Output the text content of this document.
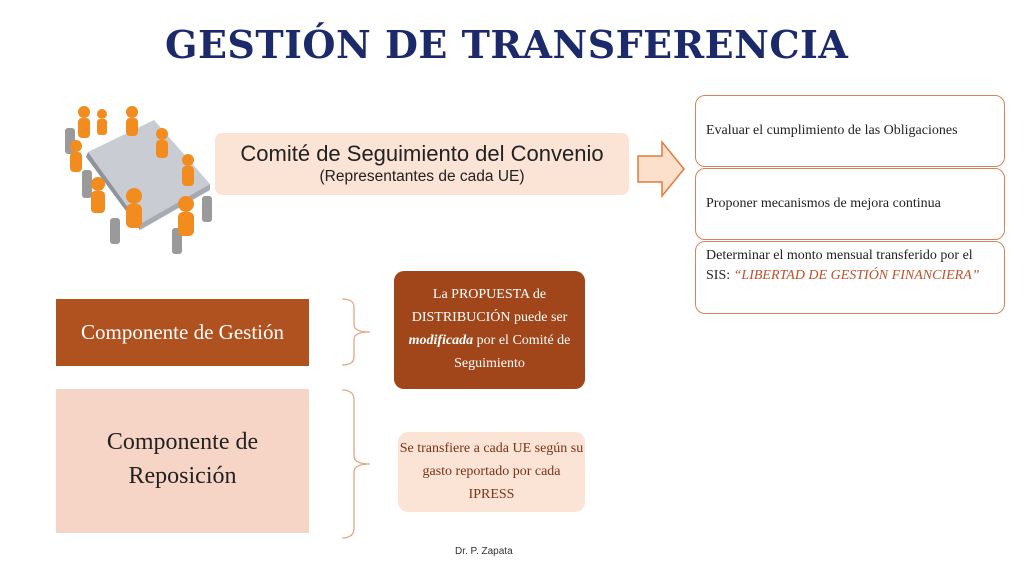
GESTIÓN DE TRANSFERENCIA
Comité de Seguimiento del Convenio
(Representantes de cada UE)
Evaluar el cumplimiento de las Obligaciones
Proponer mecanismos de mejora continua
Determinar el monto mensual transferido por el SIS: “LIBERTAD DE GESTIÓN FINANCIERA”
Componente de Gestión
Componente de
Reposición
La PROPUESTA de DISTRIBUCIÓN puede ser modificada por el Comité de Seguimiento
Se transfiere a cada UE según su gasto reportado por cada IPRESS
Dr. P. Zapata
